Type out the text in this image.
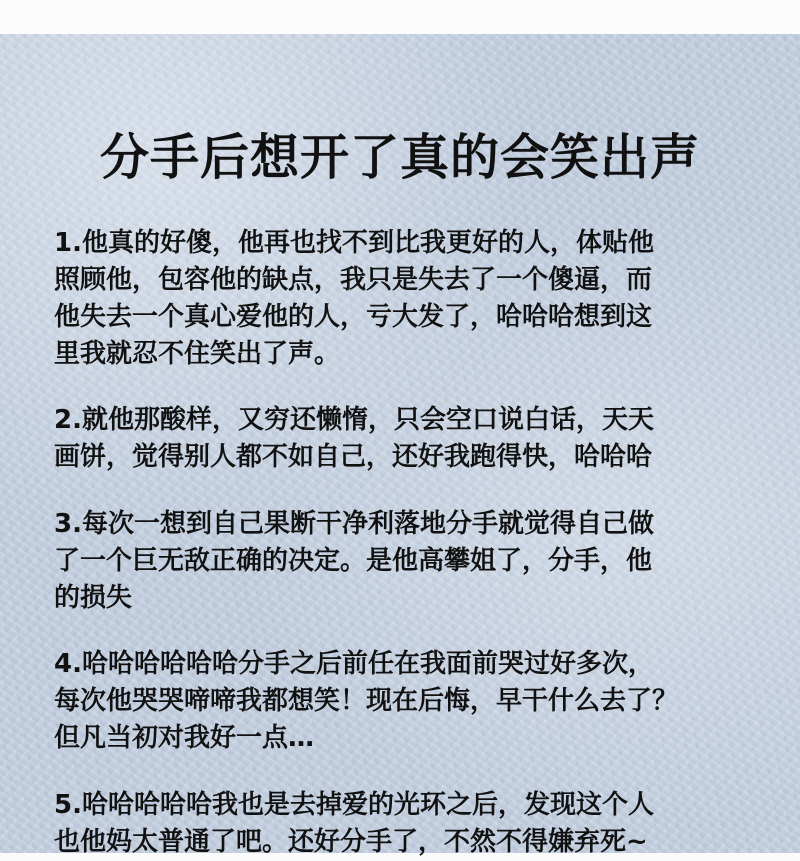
分手后想开了真的会笑出声
1.他真的好傻，他再也找不到比我更好的人，体贴他
照顾他，包容他的缺点，我只是失去了一个傻逼，而
他失去一个真心爱他的人，亏大发了，哈哈哈想到这
里我就忍不住笑出了声。
2.就他那酸样，又穷还懒惰，只会空口说白话，天天
画饼，觉得别人都不如自己，还好我跑得快，哈哈哈
3.每次一想到自己果断干净利落地分手就觉得自己做
了一个巨无敌正确的决定。是他高攀姐了，分手，他
的损失
4.哈哈哈哈哈哈分手之后前任在我面前哭过好多次，
每次他哭哭啼啼我都想笑！现在后悔，早干什么去了？
但凡当初对我好一点…
5.哈哈哈哈哈我也是去掉爱的光环之后，发现这个人
也他妈太普通了吧。还好分手了，不然不得嫌弃死~
